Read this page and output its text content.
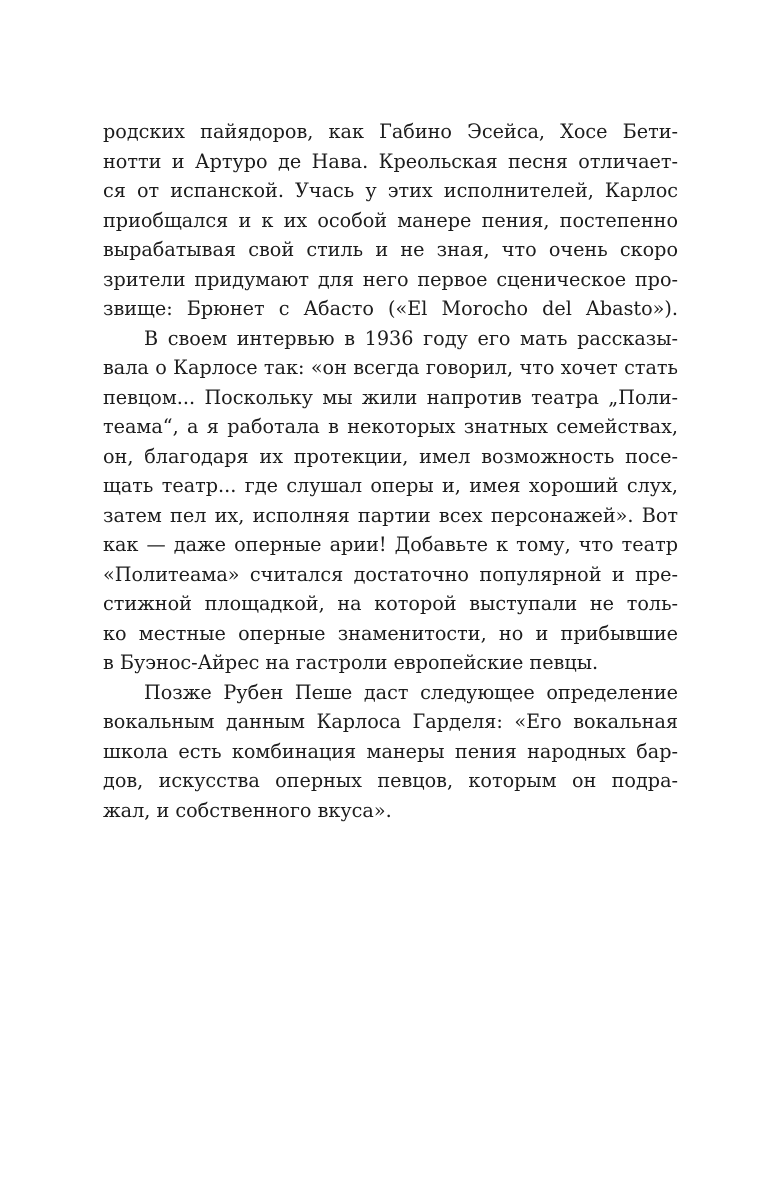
родских пайядоров, как Габино Эсейса, Хосе Бети-
нотти и Артуро де Нава. Креольская песня отличает-
ся от испанской. Учась у этих исполнителей, Карлос
приобщался и к их особой манере пения, постепенно
вырабатывая свой стиль и не зная, что очень скоро
зрители придумают для него первое сценическое про-
звище: Брюнет с Абасто («El Morocho del Abasto»).
В своем интервью в 1936 году его мать рассказы-
вала о Карлосе так: «он всегда говорил, что хочет стать
певцом... Поскольку мы жили напротив театра „Поли-
теама“, а я работала в некоторых знатных семействах,
он, благодаря их протекции, имел возможность посе-
щать театр... где слушал оперы и, имея хороший слух,
затем пел их, исполняя партии всех персонажей». Вот
как — даже оперные арии! Добавьте к тому, что театр
«Политеама» считался достаточно популярной и пре-
стижной площадкой, на которой выступали не толь-
ко местные оперные знаменитости, но и прибывшие
в Буэнос-Айрес на гастроли европейские певцы.
Позже Рубен Пеше даст следующее определение
вокальным данным Карлоса Гарделя: «Его вокальная
школа есть комбинация манеры пения народных бар-
дов, искусства оперных певцов, которым он подра-
жал, и собственного вкуса».
